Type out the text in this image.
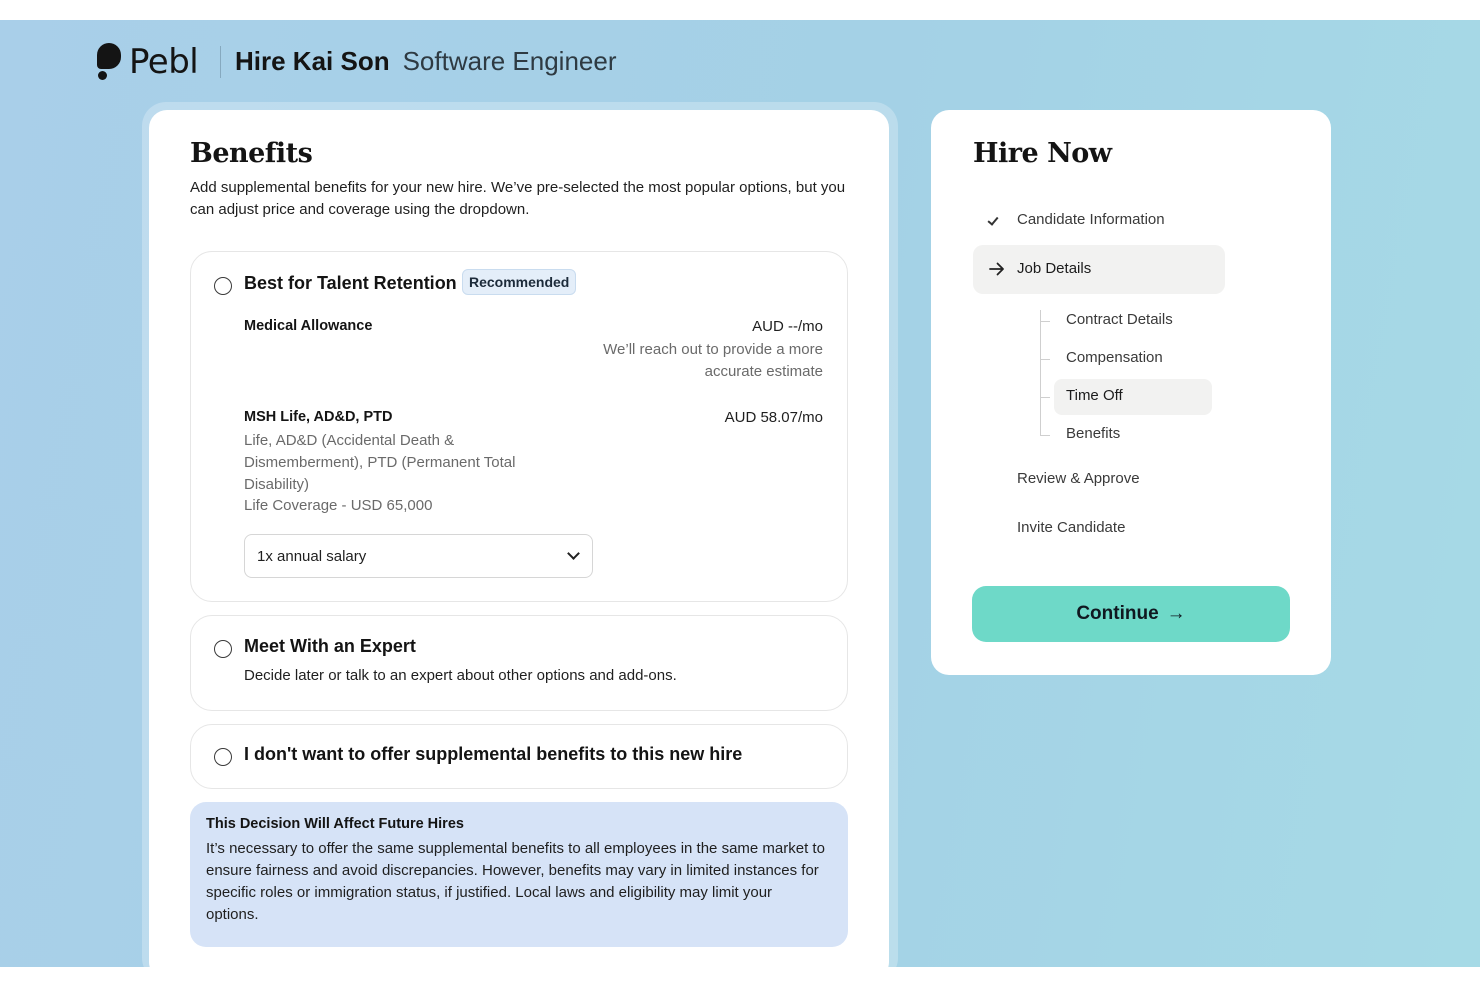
Pebl Hire Kai Son Software Engineer
Benefits
Add supplemental benefits for your new hire. We’ve pre-selected the most popular options, but you can adjust price and coverage using the dropdown.
Best for Talent Retention Recommended
Medical Allowance	AUD --/mo
We’ll reach out to provide a more accurate estimate
MSH Life, AD&D, PTD	AUD 58.07/mo
Life, AD&D (Accidental Death & Dismemberment), PTD (Permanent Total Disability)
Life Coverage - USD 65,000
1x annual salary
Meet With an Expert
Decide later or talk to an expert about other options and add-ons.
I don't want to offer supplemental benefits to this new hire
This Decision Will Affect Future Hires
It’s necessary to offer the same supplemental benefits to all employees in the same market to ensure fairness and avoid discrepancies. However, benefits may vary in limited instances for specific roles or immigration status, if justified. Local laws and eligibility may limit your options.
Hire Now
Candidate Information
Job Details
Review & Approve
Invite Candidate
Continue →
Contract Details
Compensation
Time Off
Benefits
